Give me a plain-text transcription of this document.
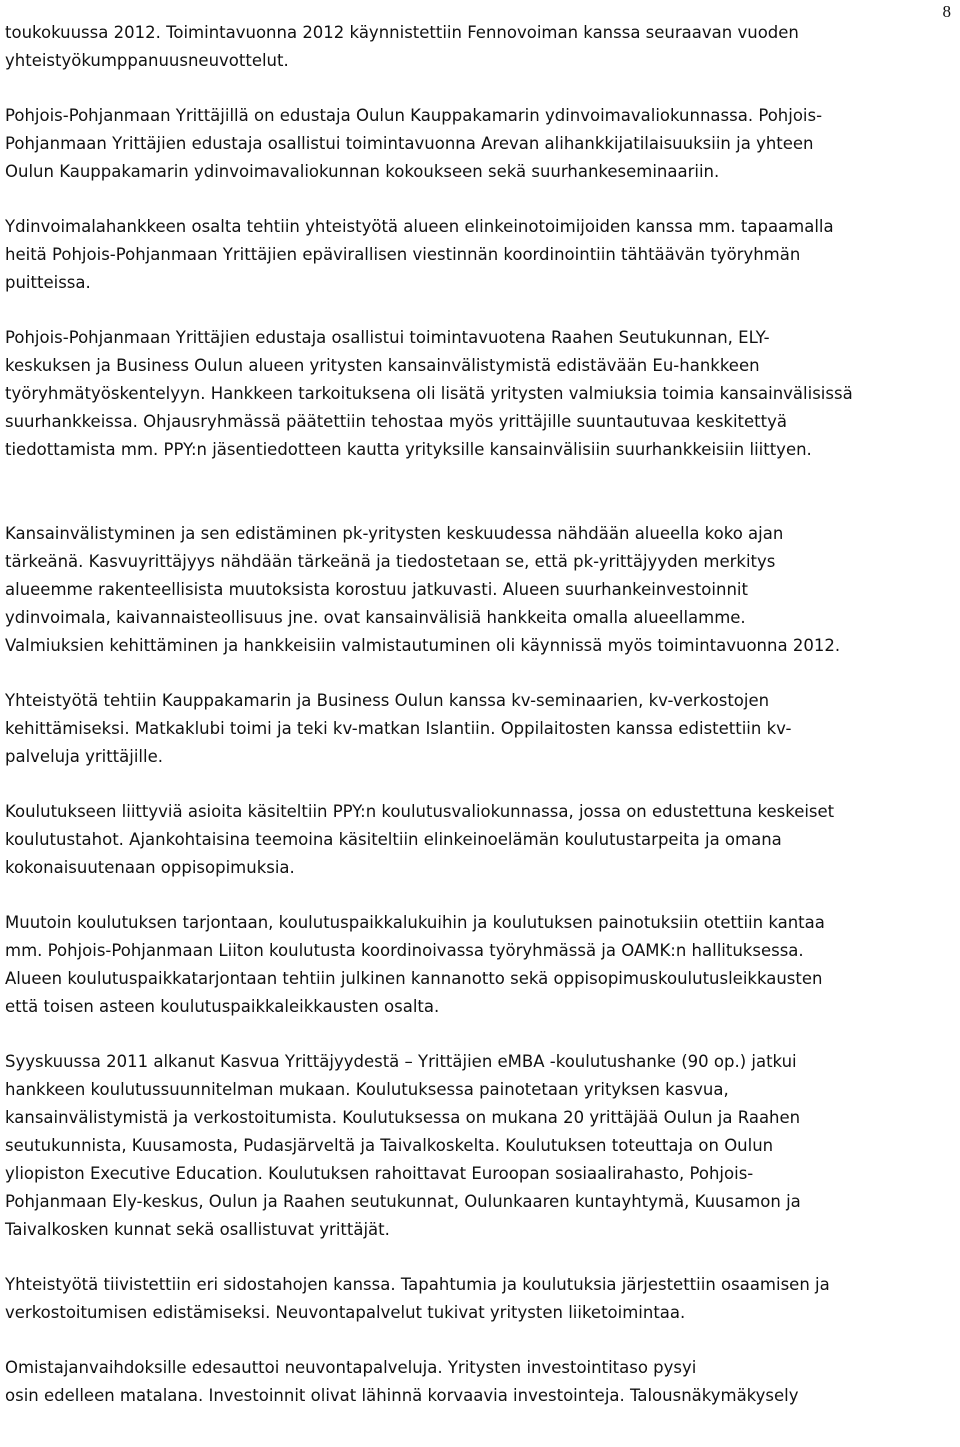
8
toukokuussa 2012. Toimintavuonna 2012 käynnistettiin Fennovoiman kanssa seuraavan vuoden
yhteistyökumppanuusneuvottelut.
Pohjois-Pohjanmaan Yrittäjillä on edustaja Oulun Kauppakamarin ydinvoimavaliokunnassa. Pohjois-
Pohjanmaan Yrittäjien edustaja osallistui toimintavuonna Arevan alihankkijatilaisuuksiin ja yhteen
Oulun Kauppakamarin ydinvoimavaliokunnan kokoukseen sekä suurhankeseminaariin.
Ydinvoimalahankkeen osalta tehtiin yhteistyötä alueen elinkeinotoimijoiden kanssa mm. tapaamalla
heitä Pohjois-Pohjanmaan Yrittäjien epävirallisen viestinnän koordinointiin tähtäävän työryhmän
puitteissa.
Pohjois-Pohjanmaan Yrittäjien edustaja osallistui toimintavuotena Raahen Seutukunnan, ELY-
keskuksen ja Business Oulun alueen yritysten kansainvälistymistä edistävään Eu-hankkeen
työryhmätyöskentelyyn. Hankkeen tarkoituksena oli lisätä yritysten valmiuksia toimia kansainvälisissä
suurhankkeissa. Ohjausryhmässä päätettiin tehostaa myös yrittäjille suuntautuvaa keskitettyä
tiedottamista mm. PPY:n jäsentiedotteen kautta yrityksille kansainvälisiin suurhankkeisiin liittyen.
Kansainvälistyminen ja sen edistäminen pk-yritysten keskuudessa nähdään alueella koko ajan
tärkeänä. Kasvuyrittäjyys nähdään tärkeänä ja tiedostetaan se, että pk-yrittäjyyden merkitys
alueemme rakenteellisista muutoksista korostuu jatkuvasti. Alueen suurhankeinvestoinnit
ydinvoimala, kaivannaisteollisuus jne. ovat kansainvälisiä hankkeita omalla alueellamme.
Valmiuksien kehittäminen ja hankkeisiin valmistautuminen oli käynnissä myös toimintavuonna 2012.
Yhteistyötä tehtiin Kauppakamarin ja Business Oulun kanssa kv-seminaarien, kv-verkostojen
kehittämiseksi. Matkaklubi toimi ja teki kv-matkan Islantiin. Oppilaitosten kanssa edistettiin kv-
palveluja yrittäjille.
Koulutukseen liittyviä asioita käsiteltiin PPY:n koulutusvaliokunnassa, jossa on edustettuna keskeiset
koulutustahot. Ajankohtaisina teemoina käsiteltiin elinkeinoelämän koulutustarpeita ja omana
kokonaisuutenaan oppisopimuksia.
Muutoin koulutuksen tarjontaan, koulutuspaikkalukuihin ja koulutuksen painotuksiin otettiin kantaa
mm. Pohjois-Pohjanmaan Liiton koulutusta koordinoivassa työryhmässä ja OAMK:n hallituksessa.
Alueen koulutuspaikkatarjontaan tehtiin julkinen kannanotto sekä oppisopimuskoulutusleikkausten
että toisen asteen koulutuspaikkaleikkausten osalta.
Syyskuussa 2011 alkanut Kasvua Yrittäjyydestä – Yrittäjien eMBA -koulutushanke (90 op.) jatkui
hankkeen koulutussuunnitelman mukaan. Koulutuksessa painotetaan yrityksen kasvua,
kansainvälistymistä ja verkostoitumista. Koulutuksessa on mukana 20 yrittäjää Oulun ja Raahen
seutukunnista, Kuusamosta, Pudasjärveltä ja Taivalkoskelta. Koulutuksen toteuttaja on Oulun
yliopiston Executive Education. Koulutuksen rahoittavat Euroopan sosiaalirahasto, Pohjois-
Pohjanmaan Ely-keskus, Oulun ja Raahen seutukunnat, Oulunkaaren kuntayhtymä, Kuusamon ja
Taivalkosken kunnat sekä osallistuvat yrittäjät.
Yhteistyötä tiivistettiin eri sidostahojen kanssa. Tapahtumia ja koulutuksia järjestettiin osaamisen ja
verkostoitumisen edistämiseksi. Neuvontapalvelut tukivat yritysten liiketoimintaa.
Omistajanvaihdoksille edesauttoi neuvontapalveluja. Yritysten investointitaso pysyi
osin edelleen matalana. Investoinnit olivat lähinnä korvaavia investointeja. Talousnäkymäkysely
